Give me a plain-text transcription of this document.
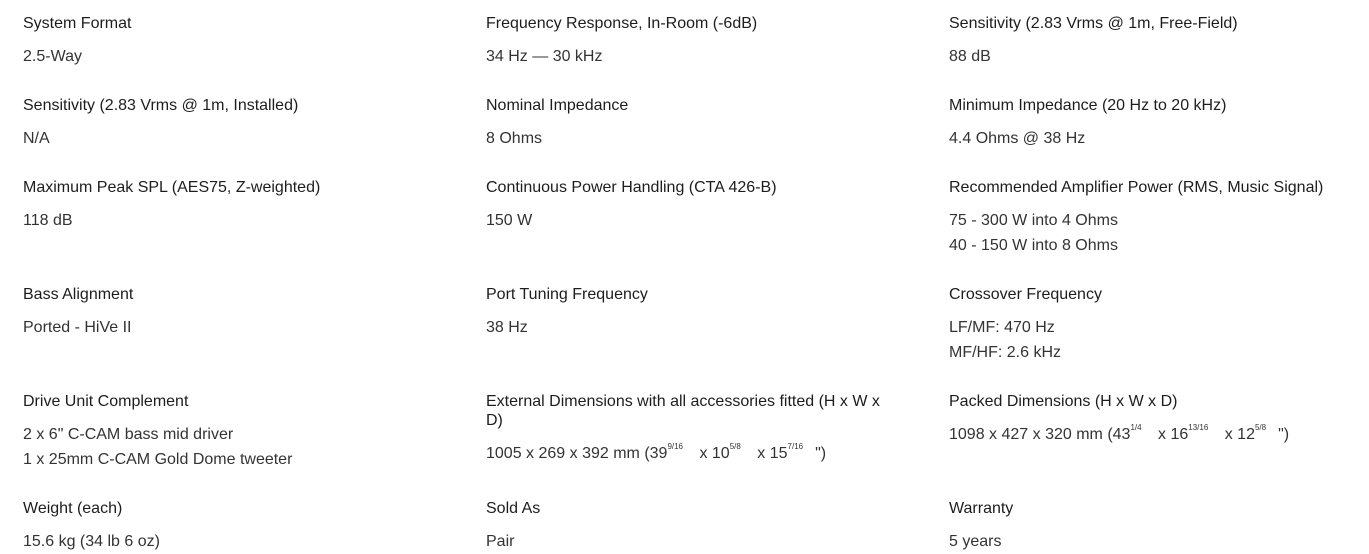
System Format

2.5-Way

Frequency Response, In-Room (-6dB)

34 Hz — 30 kHz

Sensitivity (2.83 Vrms @ 1m, Free-Field)

88 dB

Sensitivity (2.83 Vrms @ 1m, Installed)

N/A

Nominal Impedance

8 Ohms

Minimum Impedance (20 Hz to 20 kHz)

4.4 Ohms @ 38 Hz

Maximum Peak SPL (AES75, Z-weighted)

118 dB

Continuous Power Handling (CTA 426-B)

150 W

Recommended Amplifier Power (RMS, Music Signal)

75 - 300 W into 4 Ohms

40 - 150 W into 8 Ohms

Bass Alignment

Ported - HiVe II

Port Tuning Frequency

38 Hz

Crossover Frequency

LF/MF: 470 Hz

MF/HF: 2.6 kHz

Drive Unit Complement

2 x 6" C-CAM bass mid driver

1 x 25mm C-CAM Gold Dome tweeter

External Dimensions with all accessories fitted (H x W x D)

1005 x 269 x 392 mm ($39^{9/16}$ x $10^{5/8}$ x $15^{7/16}$ ")

Packed Dimensions (H x W x D)

1098 x 427 x 320 mm ($43^{1/4}$ x $16^{13/16}$ x $12^{5/8}$ ")

Weight (each)

15.6 kg (34 lb 6 oz)

Sold As

Pair

Warranty

5 years
